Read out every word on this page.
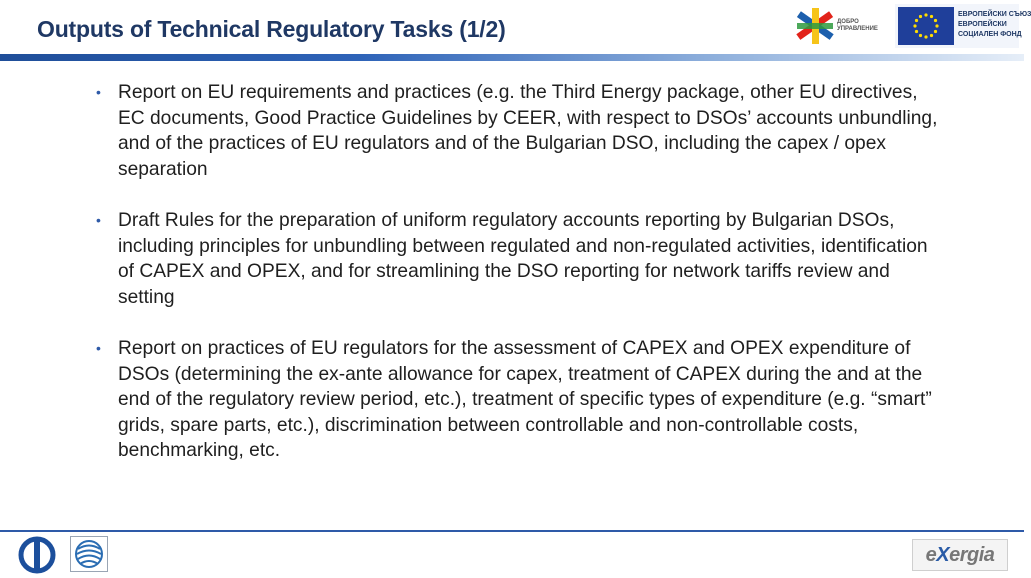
Outputs of Technical Regulatory Tasks (1/2)	ДОБРО УПРАВЛЕНИЕ
ЕВРОПЕЙСКИ СЪЮЗ
ЕВРОПЕЙСКИ
СОЦИАЛЕН ФОНД
• Report on EU requirements and practices (e.g. the Third Energy package, other EU directives, EC documents, Good Practice Guidelines by CEER, with respect to DSOs’ accounts unbundling, and of the practices of EU regulators and of the Bulgarian DSO, including the capex / opex separation
• Draft Rules for the preparation of uniform regulatory accounts reporting by Bulgarian DSOs, including principles for unbundling between regulated and non-regulated activities, identification of CAPEX and OPEX, and for streamlining the DSO reporting for network tariffs review and setting
• Report on practices of EU regulators for the assessment of CAPEX and OPEX expenditure of DSOs (determining the ex-ante allowance for capex, treatment of CAPEX during the and at the end of the regulatory review period, etc.), treatment of specific types of expenditure (e.g. “smart” grids, spare parts, etc.), discrimination between controllable and non-controllable costs, benchmarking, etc.
eXergia
